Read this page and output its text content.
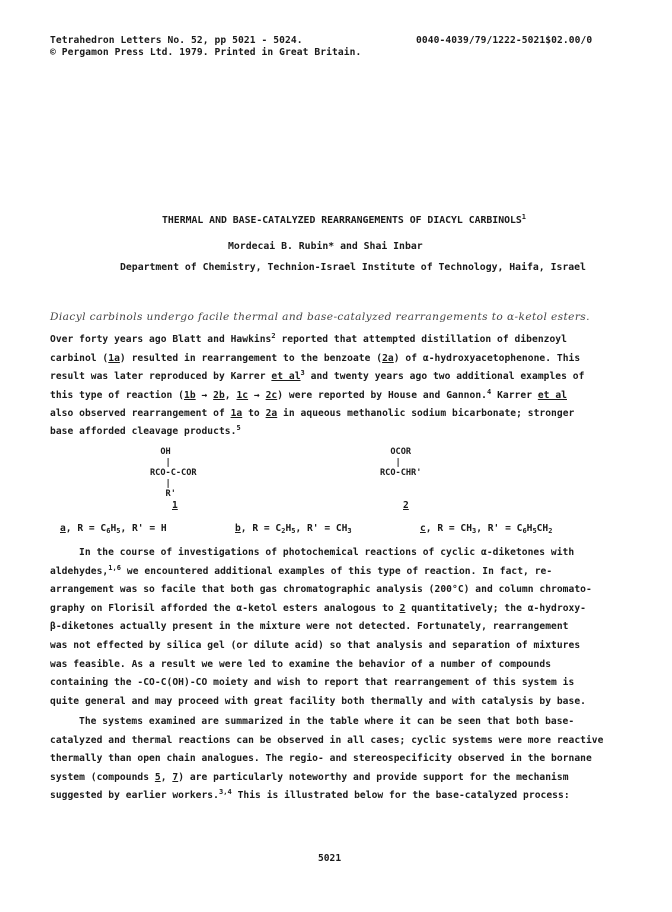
Tetrahedron Letters No. 52, pp 5021 - 5024.
© Pergamon Press Ltd. 1979. Printed in Great Britain.
0040-4039/79/1222-5021$02.00/0
THERMAL AND BASE-CATALYZED REARRANGEMENTS OF DIACYL CARBINOLS$^1$
Mordecai B. Rubin* and Shai Inbar
Department of Chemistry, Technion-Israel Institute of Technology, Haifa, Israel
Diacyl carbinols undergo facile thermal and base-catalyzed rearrangements to α-ketol esters.
Over forty years ago Blatt and Hawkins$^2$ reported that attempted distillation of dibenzoyl
carbinol (1a) resulted in rearrangement to the benzoate (2a) of α-hydroxyacetophenone. This
result was later reproduced by Karrer et $al^3$ and twenty years ago two additional examples of
this type of reaction (1b → 2b, 1c → 2c) were reported by House and Gannon.$^4$ Karrer et al
also observed rearrangement of 1a to 2a in aqueous methanolic sodium bicarbonate; stronger
base afforded cleavage products.$^5$
OH
|
RCO-C-COR
|
R'
OCOR
|
RCO-CHR'
1	2
a, $R = C_6H_5$, R' = H	b, $R = C_2H_5$, $R' = CH_3$	c, $R = CH_3$, $R' = C_6H_5CH_2$
In the course of investigations of photochemical reactions of cyclic α-diketones with
aldehydes,$^{1,6}$ we encountered additional examples of this type of reaction. In fact, re-
arrangement was so facile that both gas chromatographic analysis (200°C) and column chromato-
graphy on Florisil afforded the α-ketol esters analogous to 2 quantitatively; the α-hydroxy-
β-diketones actually present in the mixture were not detected. Fortunately, rearrangement
was not effected by silica gel (or dilute acid) so that analysis and separation of mixtures
was feasible. As a result we were led to examine the behavior of a number of compounds
containing the -CO-C(OH)-CO moiety and wish to report that rearrangement of this system is
quite general and may proceed with great facility both thermally and with catalysis by base.
The systems examined are summarized in the table where it can be seen that both base-
catalyzed and thermal reactions can be observed in all cases; cyclic systems were more reactive
thermally than open chain analogues. The regio- and stereospecificity observed in the bornane
system (compounds 5, 7) are particularly noteworthy and provide support for the mechanism
suggested by earlier workers.$^{3,4}$ This is illustrated below for the base-catalyzed process:
5021
